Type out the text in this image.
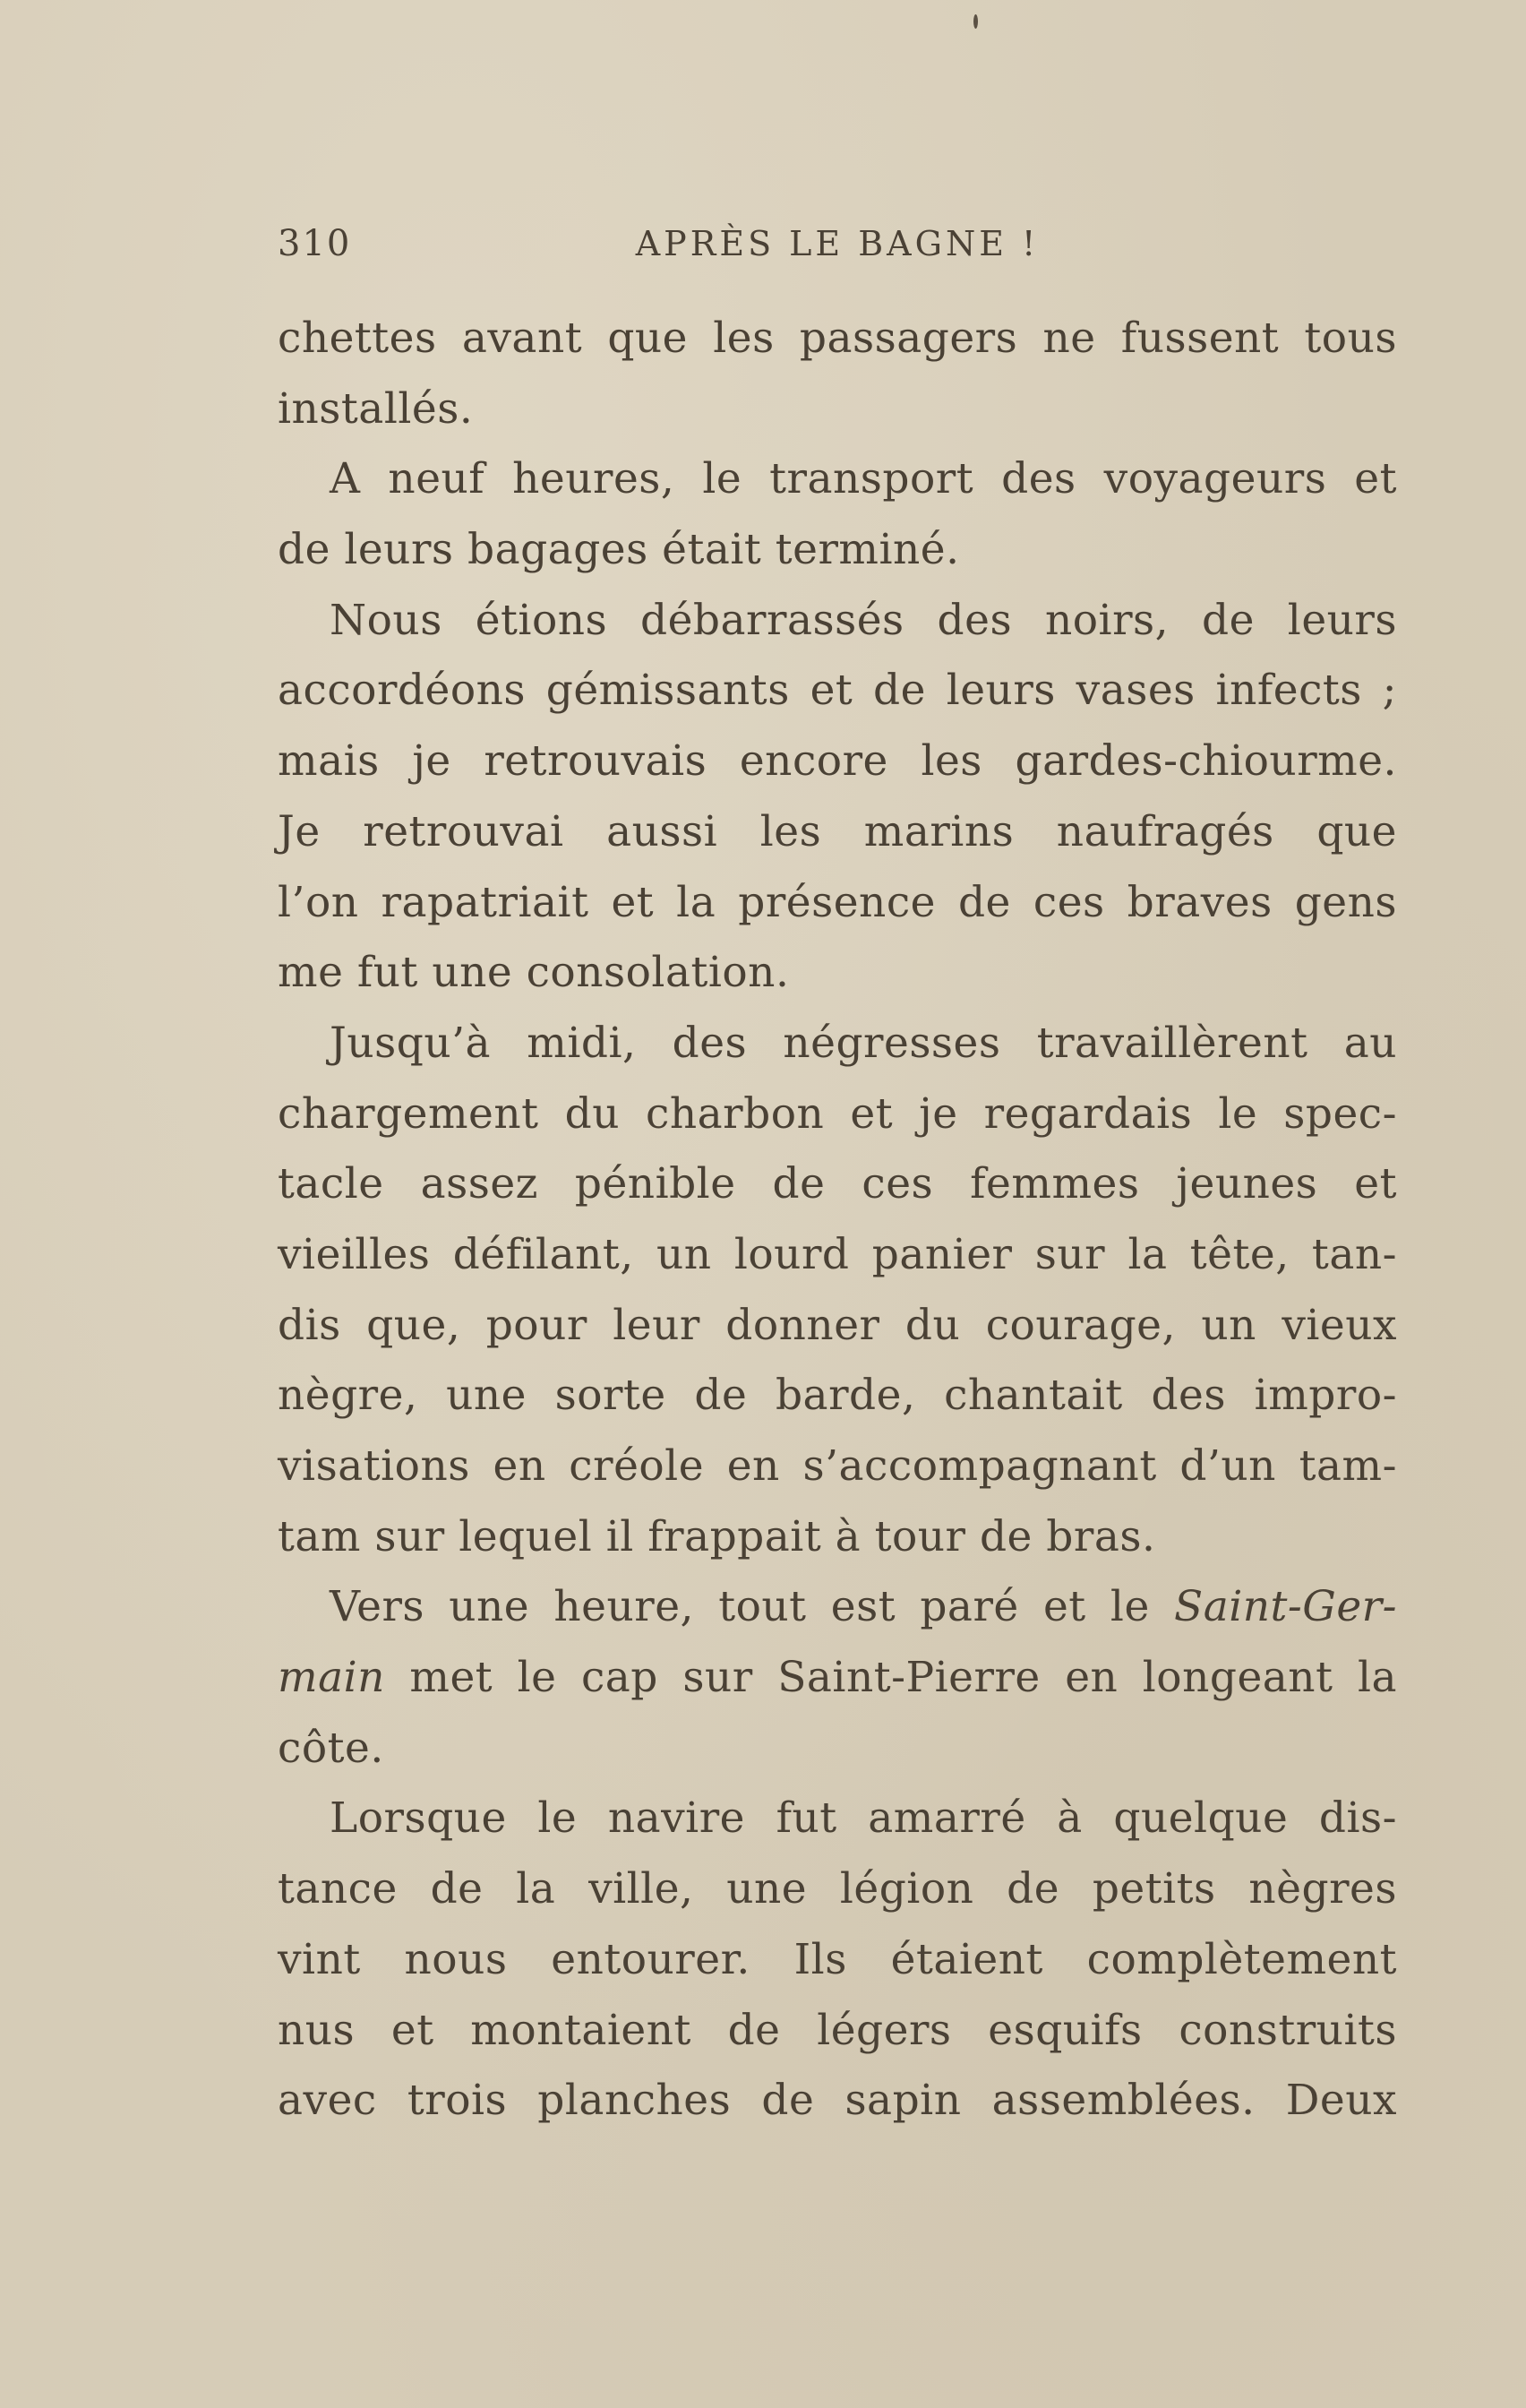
310	APRÈS LE BAGNE !
chettes avant que les passagers ne fussent tous
installés.
A neuf heures, le transport des voyageurs et
de leurs bagages était terminé.
Nous étions débarrassés des noirs, de leurs
accordéons gémissants et de leurs vases infects ;
mais je retrouvais encore les gardes-chiourme.
Je retrouvai aussi les marins naufragés que
l’on rapatriait et la présence de ces braves gens
me fut une consolation.
Jusqu’à midi, des négresses travaillèrent au
chargement du charbon et je regardais le spec-
tacle assez pénible de ces femmes jeunes et
vieilles défilant, un lourd panier sur la tête, tan-
dis que, pour leur donner du courage, un vieux
nègre, une sorte de barde, chantait des impro-
visations en créole en s’accompagnant d’un tam-
tam sur lequel il frappait à tour de bras.
Vers une heure, tout est paré et le Saint-Ger-
main met le cap sur Saint-Pierre en longeant la
côte.
Lorsque le navire fut amarré à quelque dis-
tance de la ville, une légion de petits nègres
vint nous entourer. Ils étaient complètement
nus et montaient de légers esquifs construits
avec trois planches de sapin assemblées. Deux
